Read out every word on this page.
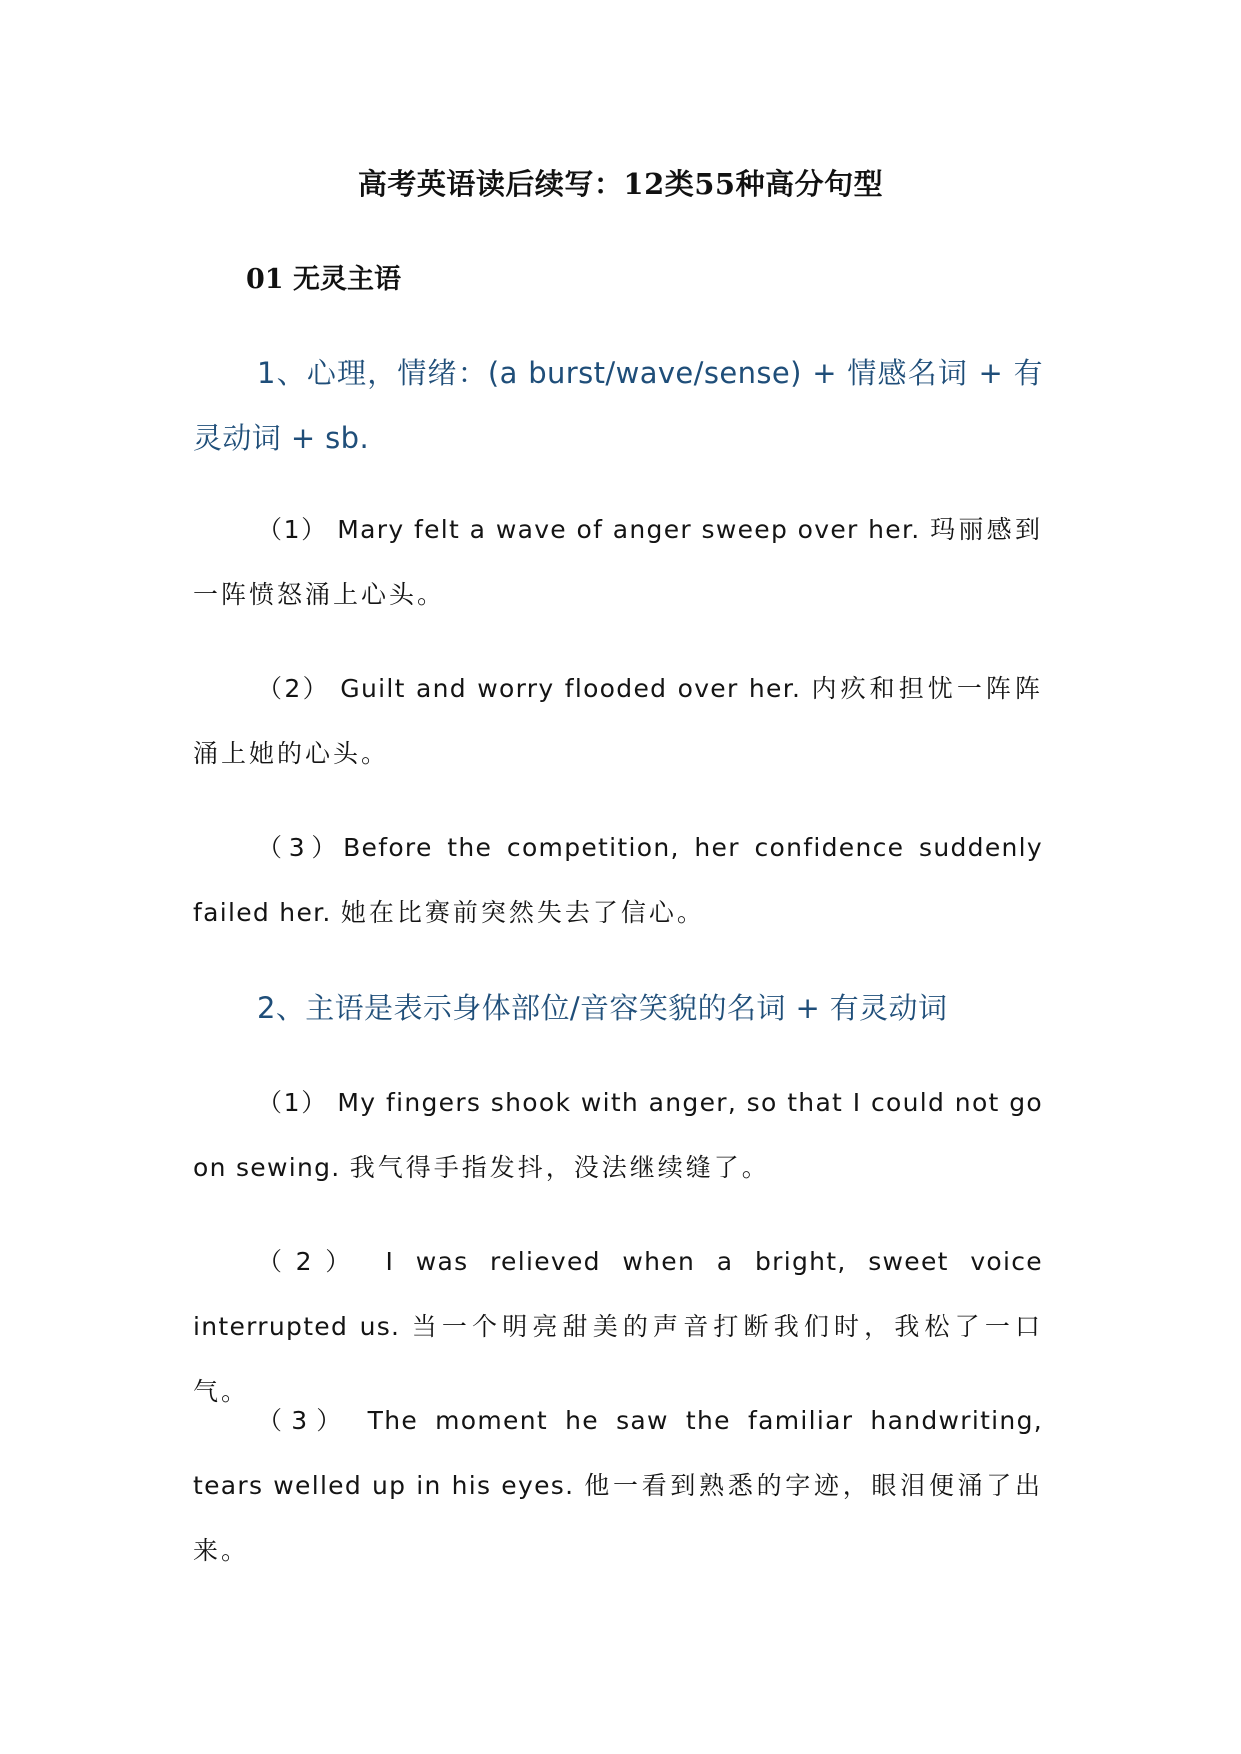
高考英语读后续写：12类55种高分句型
01 无灵主语
1、心理，情绪：(a burst/wave/sense) + 情感名词 + 有灵动词 + sb.
（1） Mary felt a wave of anger sweep over her. 玛丽感到一阵愤怒涌上心头。
（2） Guilt and worry flooded over her. 内疚和担忧一阵阵涌上她的心头。
（3）Before the competition, her confidence suddenly failed her. 她在比赛前突然失去了信心。
2、主语是表示身体部位/音容笑貌的名词 + 有灵动词
（1） My fingers shook with anger, so that I could not go on sewing. 我气得手指发抖，没法继续缝了。
（2） I was relieved when a bright, sweet voice interrupted us. 当一个明亮甜美的声音打断我们时，我松了一口气。
（3） The moment he saw the familiar handwriting, tears welled up in his eyes. 他一看到熟悉的字迹，眼泪便涌了出来。
